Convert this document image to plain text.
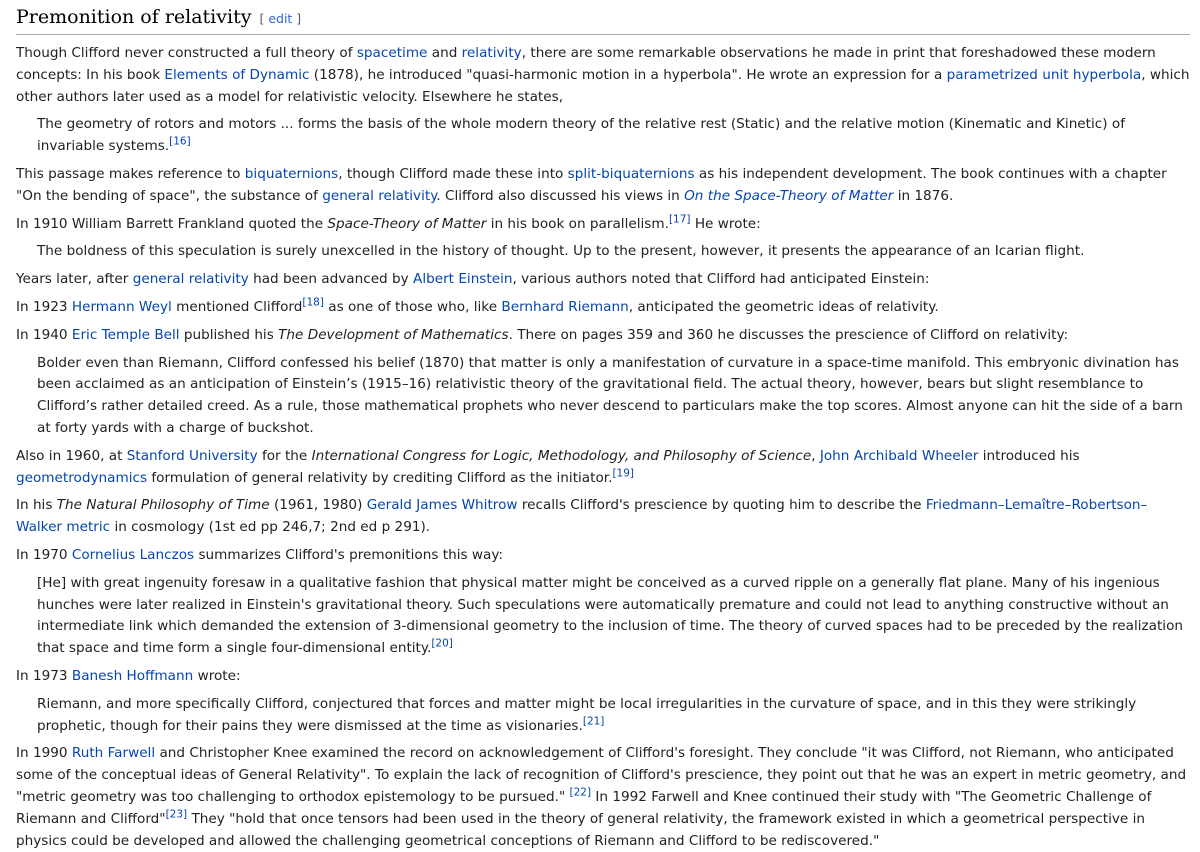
Premonition of relativity [ edit ]

Though Clifford never constructed a full theory of spacetime and relativity, there are some remarkable observations he made in print that foreshadowed these modern concepts: In his book Elements of Dynamic (1878), he introduced "quasi-harmonic motion in a hyperbola". He wrote an expression for a parametrized unit hyperbola, which other authors later used as a model for relativistic velocity. Elsewhere he states,

The geometry of rotors and motors ... forms the basis of the whole modern theory of the relative rest (Static) and the relative motion (Kinematic and Kinetic) of invariable systems.[16]

This passage makes reference to biquaternions, though Clifford made these into split-biquaternions as his independent development. The book continues with a chapter "On the bending of space", the substance of general relativity. Clifford also discussed his views in On the Space-Theory of Matter in 1876.

In 1910 William Barrett Frankland quoted the Space-Theory of Matter in his book on parallelism.[17] He wrote:

The boldness of this speculation is surely unexcelled in the history of thought. Up to the present, however, it presents the appearance of an Icarian flight.

Years later, after general relativity had been advanced by Albert Einstein, various authors noted that Clifford had anticipated Einstein:

In 1923 Hermann Weyl mentioned Clifford[18] as one of those who, like Bernhard Riemann, anticipated the geometric ideas of relativity.

In 1940 Eric Temple Bell published his The Development of Mathematics. There on pages 359 and 360 he discusses the prescience of Clifford on relativity:

Bolder even than Riemann, Clifford confessed his belief (1870) that matter is only a manifestation of curvature in a space-time manifold. This embryonic divination has been acclaimed as an anticipation of Einstein’s (1915–16) relativistic theory of the gravitational field. The actual theory, however, bears but slight resemblance to Clifford’s rather detailed creed. As a rule, those mathematical prophets who never descend to particulars make the top scores. Almost anyone can hit the side of a barn at forty yards with a charge of buckshot.

Also in 1960, at Stanford University for the International Congress for Logic, Methodology, and Philosophy of Science, John Archibald Wheeler introduced his geometrodynamics formulation of general relativity by crediting Clifford as the initiator.[19]

In his The Natural Philosophy of Time (1961, 1980) Gerald James Whitrow recalls Clifford's prescience by quoting him to describe the Friedmann–Lemaître–Robertson–Walker metric in cosmology (1st ed pp 246,7; 2nd ed p 291).

In 1970 Cornelius Lanczos summarizes Clifford's premonitions this way:

[He] with great ingenuity foresaw in a qualitative fashion that physical matter might be conceived as a curved ripple on a generally flat plane. Many of his ingenious hunches were later realized in Einstein's gravitational theory. Such speculations were automatically premature and could not lead to anything constructive without an intermediate link which demanded the extension of 3-dimensional geometry to the inclusion of time. The theory of curved spaces had to be preceded by the realization that space and time form a single four-dimensional entity.[20]

In 1973 Banesh Hoffmann wrote:

Riemann, and more specifically Clifford, conjectured that forces and matter might be local irregularities in the curvature of space, and in this they were strikingly prophetic, though for their pains they were dismissed at the time as visionaries.[21]

In 1990 Ruth Farwell and Christopher Knee examined the record on acknowledgement of Clifford's foresight. They conclude "it was Clifford, not Riemann, who anticipated some of the conceptual ideas of General Relativity". To explain the lack of recognition of Clifford's prescience, they point out that he was an expert in metric geometry, and "metric geometry was too challenging to orthodox epistemology to be pursued." [22] In 1992 Farwell and Knee continued their study with "The Geometric Challenge of Riemann and Clifford"[23] They "hold that once tensors had been used in the theory of general relativity, the framework existed in which a geometrical perspective in physics could be developed and allowed the challenging geometrical conceptions of Riemann and Clifford to be rediscovered."
